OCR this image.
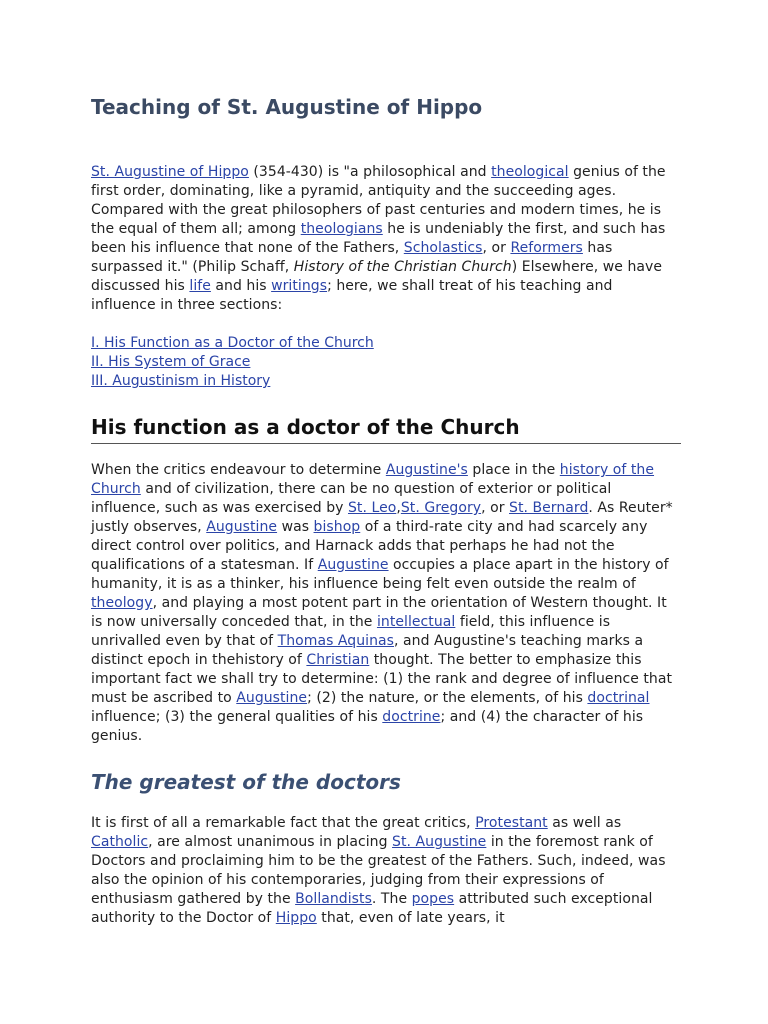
Teaching of St. Augustine of Hippo

St. Augustine of Hippo (354-430) is "a philosophical and theological genius of the first order, dominating, like a pyramid, antiquity and the succeeding ages. Compared with the great philosophers of past centuries and modern times, he is the equal of them all; among theologians he is undeniably the first, and such has been his influence that none of the Fathers, Scholastics, or Reformers has surpassed it." (Philip Schaff, History of the Christian Church) Elsewhere, we have discussed his life and his writings; here, we shall treat of his teaching and influence in three sections:

I. His Function as a Doctor of the Church
II. His System of Grace
III. Augustinism in History
His function as a doctor of the Church

When the critics endeavour to determine Augustine's place in the history of the Church and of civilization, there can be no question of exterior or political influence, such as was exercised by St. Leo,St. Gregory, or St. Bernard. As Reuter* justly observes, Augustine was bishop of a third-rate city and had scarcely any direct control over politics, and Harnack adds that perhaps he had not the qualifications of a statesman. If Augustine occupies a place apart in the history of humanity, it is as a thinker, his influence being felt even outside the realm of theology, and playing a most potent part in the orientation of Western thought. It is now universally conceded that, in the intellectual field, this influence is unrivalled even by that of Thomas Aquinas, and Augustine's teaching marks a distinct epoch in thehistory of Christian thought. The better to emphasize this important fact we shall try to determine: (1) the rank and degree of influence that must be ascribed to Augustine; (2) the nature, or the elements, of his doctrinal influence; (3) the general qualities of his doctrine; and (4) the character of his genius.

The greatest of the doctors

It is first of all a remarkable fact that the great critics, Protestant as well as Catholic, are almost unanimous in placing St. Augustine in the foremost rank of Doctors and proclaiming him to be the greatest of the Fathers. Such, indeed, was also the opinion of his contemporaries, judging from their expressions of enthusiasm gathered by the Bollandists. The popes attributed such exceptional authority to the Doctor of Hippo that, even of late years, it
